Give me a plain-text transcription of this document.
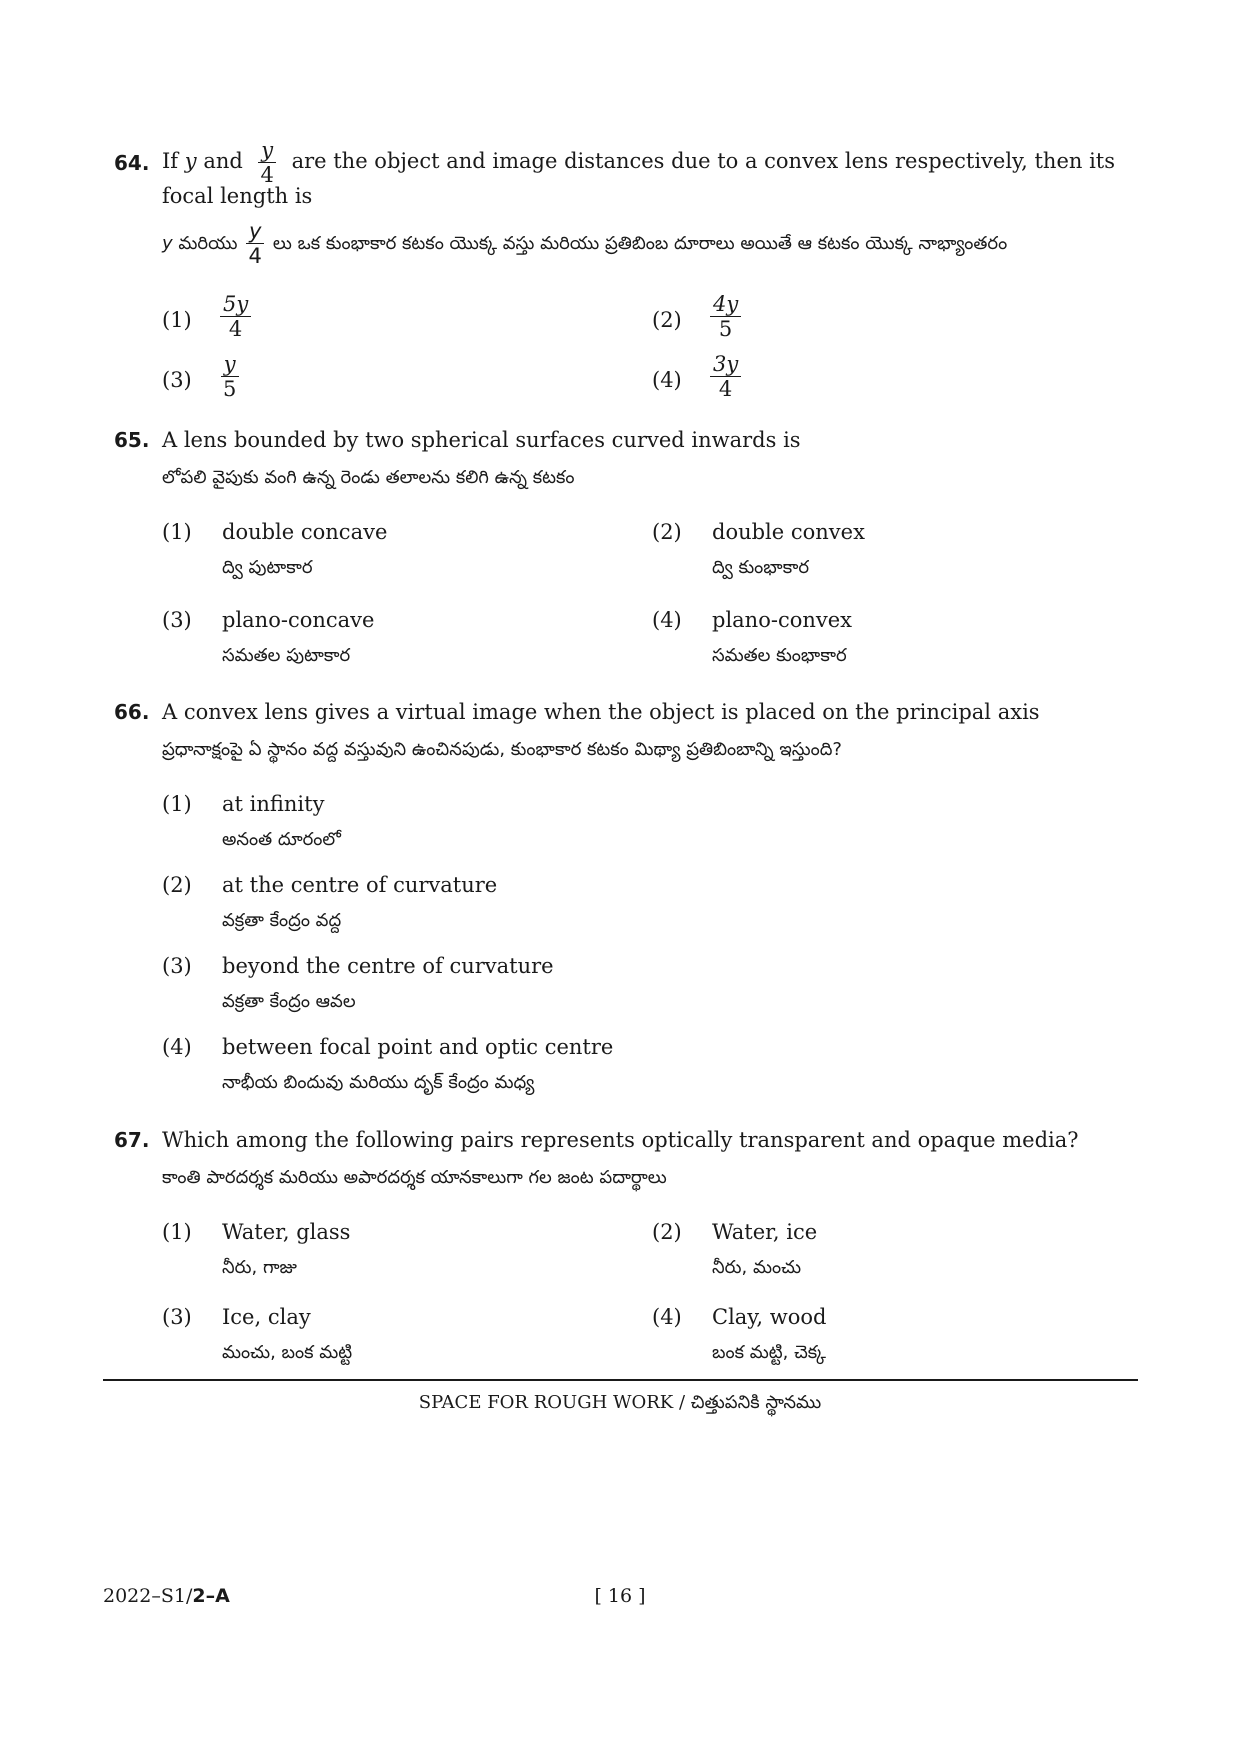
64. If y and $\frac{y}{4}$ are the object and image distances due to a convex lens respectively, then its
focal length is
y
మరియు $\frac{y}{4}$ లు ఒక కుంభాకార కటకం యొక్క వస్తు మరియు ప్రతిబింబ దూరాలు అయితే ఆ కటకం యొక్క నాభ్యాంతరం
(1)	$\frac{5y}{4}$	(2)	$\frac{4y}{5}$
(3)	$\frac{y}{5}$	(4)	$\frac{3y}{4}$
65. A lens bounded by two spherical surfaces curved inwards is
లోపలి వైపుకు వంగి ఉన్న రెండు తలాలను కలిగి ఉన్న కటకం
(1)	double concave
ద్వి పుటాకార
(2)	double convex
ద్వి కుంభాకార
(3)	plano-concave
సమతల పుటాకార
(4)	plano-convex
సమతల కుంభాకార
66. A convex lens gives a virtual image when the object is placed on the principal axis
ప్రధానాక్షంపై ఏ స్థానం వద్ద వస్తువుని ఉంచినపుడు, కుంభాకార కటకం మిథ్యా ప్రతిబింబాన్ని ఇస్తుంది?
(1)	at infinity
అనంత దూరంలో
(2)	at the centre of curvature
వక్రతా కేంద్రం వద్ద
(3)	beyond the centre of curvature
వక్రతా కేంద్రం ఆవల
(4)	between focal point and optic centre
నాభీయ బిందువు మరియు దృక్ కేంద్రం మధ్య
67. Which among the following pairs represents optically transparent and opaque media?
కాంతి పారదర్శక మరియు అపారదర్శక యానకాలుగా గల జంట పదార్థాలు
(1)	Water, glass
నీరు, గాజు
(2)	Water, ice
నీరు, మంచు
(3)	Ice, clay
మంచు, బంక మట్టి
(4)	Clay, wood
బంక మట్టి, చెక్క
SPACE FOR ROUGH WORK / చిత్తుపనికి స్థానము
2022–S1/2–A	[ 16 ]
